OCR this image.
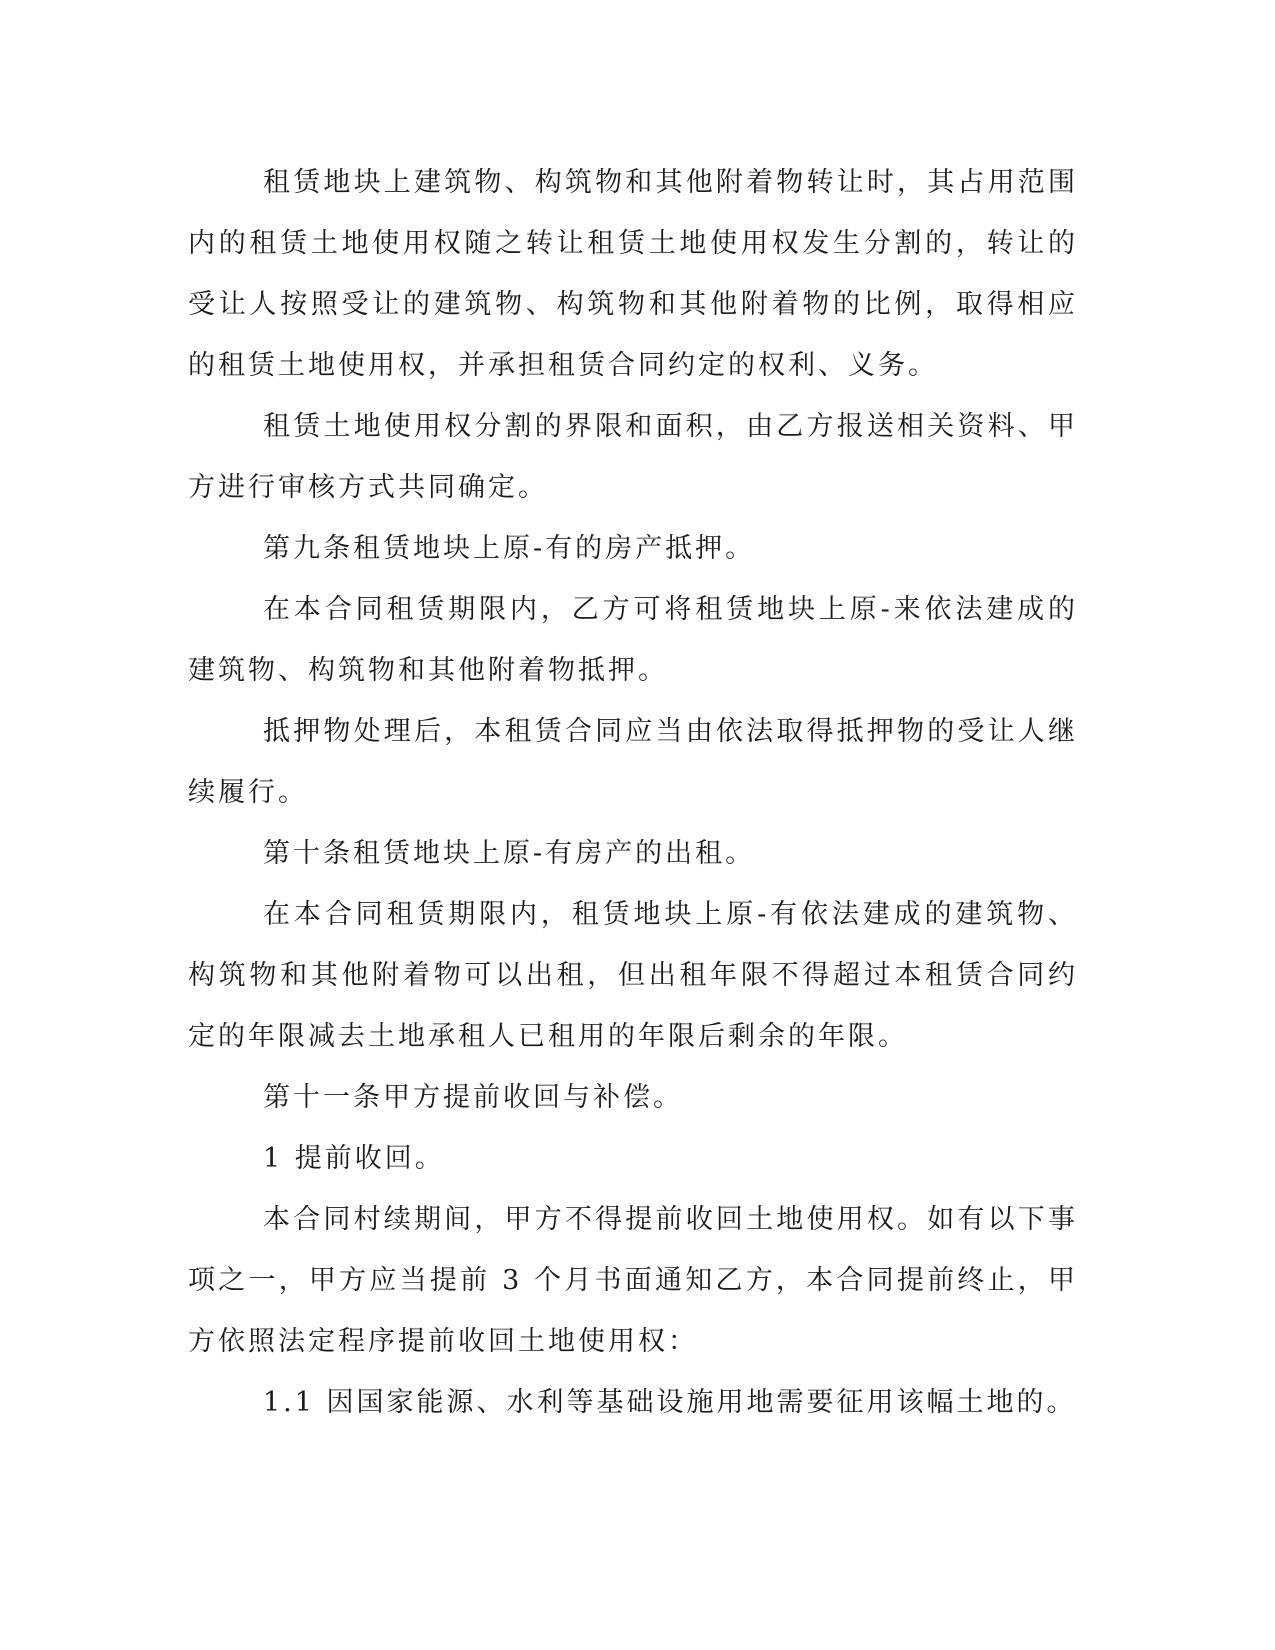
租赁地块上建筑物、构筑物和其他附着物转让时，其占用范围内的租赁土地使用权随之转让租赁土地使用权发生分割的，转让的受让人按照受让的建筑物、构筑物和其他附着物的比例，取得相应的租赁土地使用权，并承担租赁合同约定的权利、义务。

租赁土地使用权分割的界限和面积，由乙方报送相关资料、甲方进行审核方式共同确定。

第九条租赁地块上原-有的房产抵押。

在本合同租赁期限内，乙方可将租赁地块上原-来依法建成的建筑物、构筑物和其他附着物抵押。

抵押物处理后，本租赁合同应当由依法取得抵押物的受让人继续履行。

第十条租赁地块上原-有房产的出租。

在本合同租赁期限内，租赁地块上原-有依法建成的建筑物、构筑物和其他附着物可以出租，但出租年限不得超过本租赁合同约定的年限减去土地承租人已租用的年限后剩余的年限。

第十一条甲方提前收回与补偿。

1 提前收回。

本合同村续期间，甲方不得提前收回土地使用权。如有以下事项之一，甲方应当提前 3 个月书面通知乙方，本合同提前终止，甲方依照法定程序提前收回土地使用权：

1.1 因国家能源、水利等基础设施用地需要征用该幅土地的。
